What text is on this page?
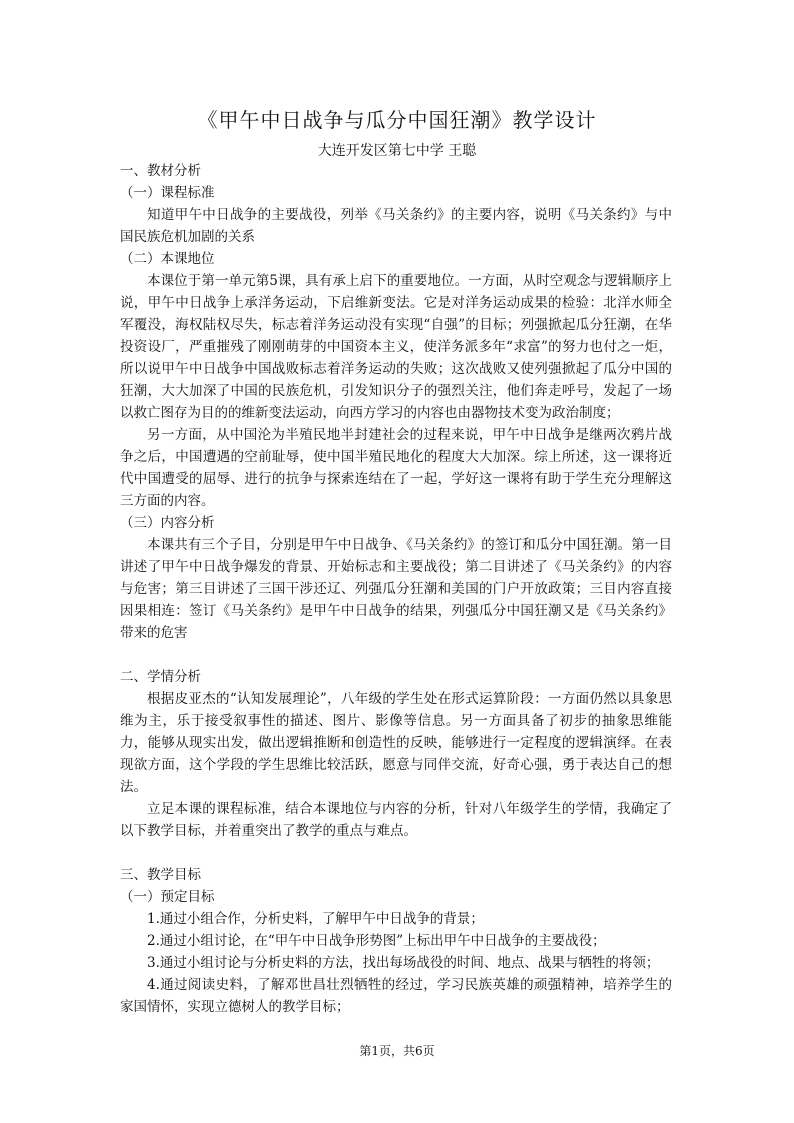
《甲午中日战争与瓜分中国狂潮》教学设计
大连开发区第七中学 王聪

一、教材分析

（一）课程标准

知道甲午中日战争的主要战役，列举《马关条约》的主要内容，说明《马关条约》与中国民族危机加剧的关系

（二）本课地位

本课位于第一单元第5课，具有承上启下的重要地位。一方面，从时空观念与逻辑顺序上说，甲午中日战争上承洋务运动，下启维新变法。它是对洋务运动成果的检验：北洋水师全军覆没，海权陆权尽失，标志着洋务运动没有实现“自强”的目标；列强掀起瓜分狂潮，在华投资设厂，严重摧残了刚刚萌芽的中国资本主义，使洋务派多年“求富”的努力也付之一炬，所以说甲午中日战争中国战败标志着洋务运动的失败；这次战败又使列强掀起了瓜分中国的狂潮，大大加深了中国的民族危机，引发知识分子的强烈关注，他们奔走呼号，发起了一场以救亡图存为目的的维新变法运动，向西方学习的内容也由器物技术变为政治制度；

另一方面，从中国沦为半殖民地半封建社会的过程来说，甲午中日战争是继两次鸦片战争之后，中国遭遇的空前耻辱，使中国半殖民地化的程度大大加深。综上所述，这一课将近代中国遭受的屈辱、进行的抗争与探索连结在了一起，学好这一课将有助于学生充分理解这三方面的内容。

（三）内容分析

本课共有三个子目，分别是甲午中日战争、《马关条约》的签订和瓜分中国狂潮。第一目讲述了甲午中日战争爆发的背景、开始标志和主要战役；第二目讲述了《马关条约》的内容与危害；第三目讲述了三国干涉还辽、列强瓜分狂潮和美国的门户开放政策；三目内容直接因果相连：签订《马关条约》是甲午中日战争的结果，列强瓜分中国狂潮又是《马关条约》带来的危害

二、学情分析

根据皮亚杰的“认知发展理论”，八年级的学生处在形式运算阶段：一方面仍然以具象思维为主，乐于接受叙事性的描述、图片、影像等信息。另一方面具备了初步的抽象思维能力，能够从现实出发，做出逻辑推断和创造性的反映，能够进行一定程度的逻辑演绎。在表现欲方面，这个学段的学生思维比较活跃，愿意与同伴交流，好奇心强，勇于表达自己的想法。

立足本课的课程标准，结合本课地位与内容的分析，针对八年级学生的学情，我确定了以下教学目标，并着重突出了教学的重点与难点。

三、教学目标

（一）预定目标

1.通过小组合作，分析史料，了解甲午中日战争的背景；

2.通过小组讨论，在“甲午中日战争形势图”上标出甲午中日战争的主要战役；

3.通过小组讨论与分析史料的方法，找出每场战役的时间、地点、战果与牺牲的将领；

4.通过阅读史料，了解邓世昌壮烈牺牲的经过，学习民族英雄的顽强精神，培养学生的家国情怀，实现立德树人的教学目标；

第1页，共6页
